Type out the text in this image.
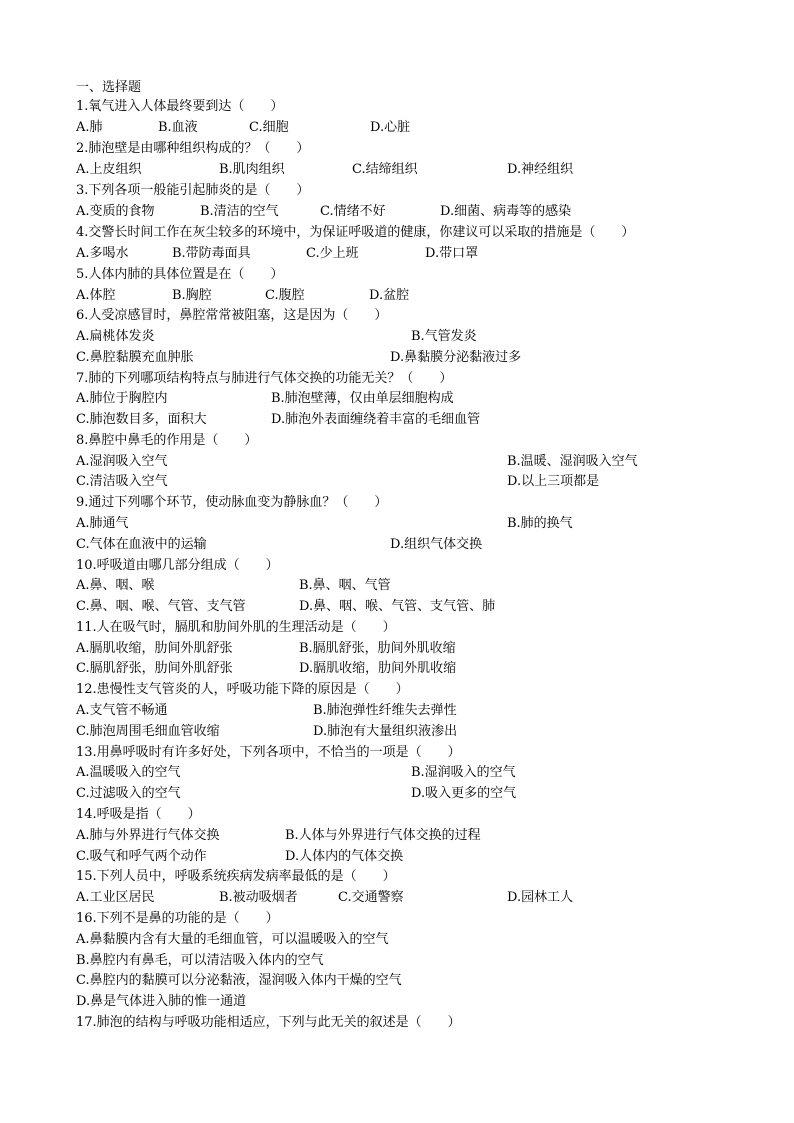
一、选择题
1.氧气进入人体最终要到达（　　）
A.肺	B.血液	C.细胞	D.心脏
2.肺泡壁是由哪种组织构成的？（　　）
A.上皮组织	B.肌肉组织	C.结缔组织	D.神经组织
3.下列各项一般能引起肺炎的是（　　）
A.变质的食物	B.清洁的空气	C.情绪不好	D.细菌、病毒等的感染
4.交警长时间工作在灰尘较多的环境中，为保证呼吸道的健康，你建议可以采取的措施是（　　）
A.多喝水	B.带防毒面具	C.少上班	D.带口罩
5.人体内肺的具体位置是在（　　）
A.体腔	B.胸腔	C.腹腔	D.盆腔
6.人受凉感冒时，鼻腔常常被阻塞，这是因为（　　）
A.扁桃体发炎	B.气管发炎
C.鼻腔黏膜充血肿胀	D.鼻黏膜分泌黏液过多
7.肺的下列哪项结构特点与肺进行气体交换的功能无关？（　　）
A.肺位于胸腔内	B.肺泡壁薄，仅由单层细胞构成
C.肺泡数目多，面积大	D.肺泡外表面缠绕着丰富的毛细血管
8.鼻腔中鼻毛的作用是（　　）
A.湿润吸入空气	B.温暖、湿润吸入空气
C.清洁吸入空气	D.以上三项都是
9.通过下列哪个环节，使动脉血变为静脉血？（　　）
A.肺通气	B.肺的换气
C.气体在血液中的运输	D.组织气体交换
10.呼吸道由哪几部分组成（　　）
A.鼻、咽、喉	B.鼻、咽、气管
C.鼻、咽、喉、气管、支气管	D.鼻、咽、喉、气管、支气管、肺
11.人在吸气时，膈肌和肋间外肌的生理活动是（　　）
A.膈肌收缩，肋间外肌舒张	B.膈肌舒张，肋间外肌收缩
C.膈肌舒张，肋间外肌舒张	D.膈肌收缩，肋间外肌收缩
12.患慢性支气管炎的人，呼吸功能下降的原因是（　　）
A.支气管不畅通	B.肺泡弹性纤维失去弹性
C.肺泡周围毛细血管收缩	D.肺泡有大量组织液渗出
13.用鼻呼吸时有许多好处，下列各项中，不恰当的一项是（　　）
A.温暖吸入的空气	B.湿润吸入的空气
C.过滤吸入的空气	D.吸入更多的空气
14.呼吸是指（　　）
A.肺与外界进行气体交换	B.人体与外界进行气体交换的过程
C.吸气和呼气两个动作	D.人体内的气体交换
15.下列人员中，呼吸系统疾病发病率最低的是（　　）
A.工业区居民	B.被动吸烟者	C.交通警察	D.园林工人
16.下列不是鼻的功能的是（　　）
A.鼻黏膜内含有大量的毛细血管，可以温暖吸入的空气
B.鼻腔内有鼻毛，可以清洁吸入体内的空气
C.鼻腔内的黏膜可以分泌黏液，湿润吸入体内干燥的空气
D.鼻是气体进入肺的惟一通道
17.肺泡的结构与呼吸功能相适应，下列与此无关的叙述是（　　）
